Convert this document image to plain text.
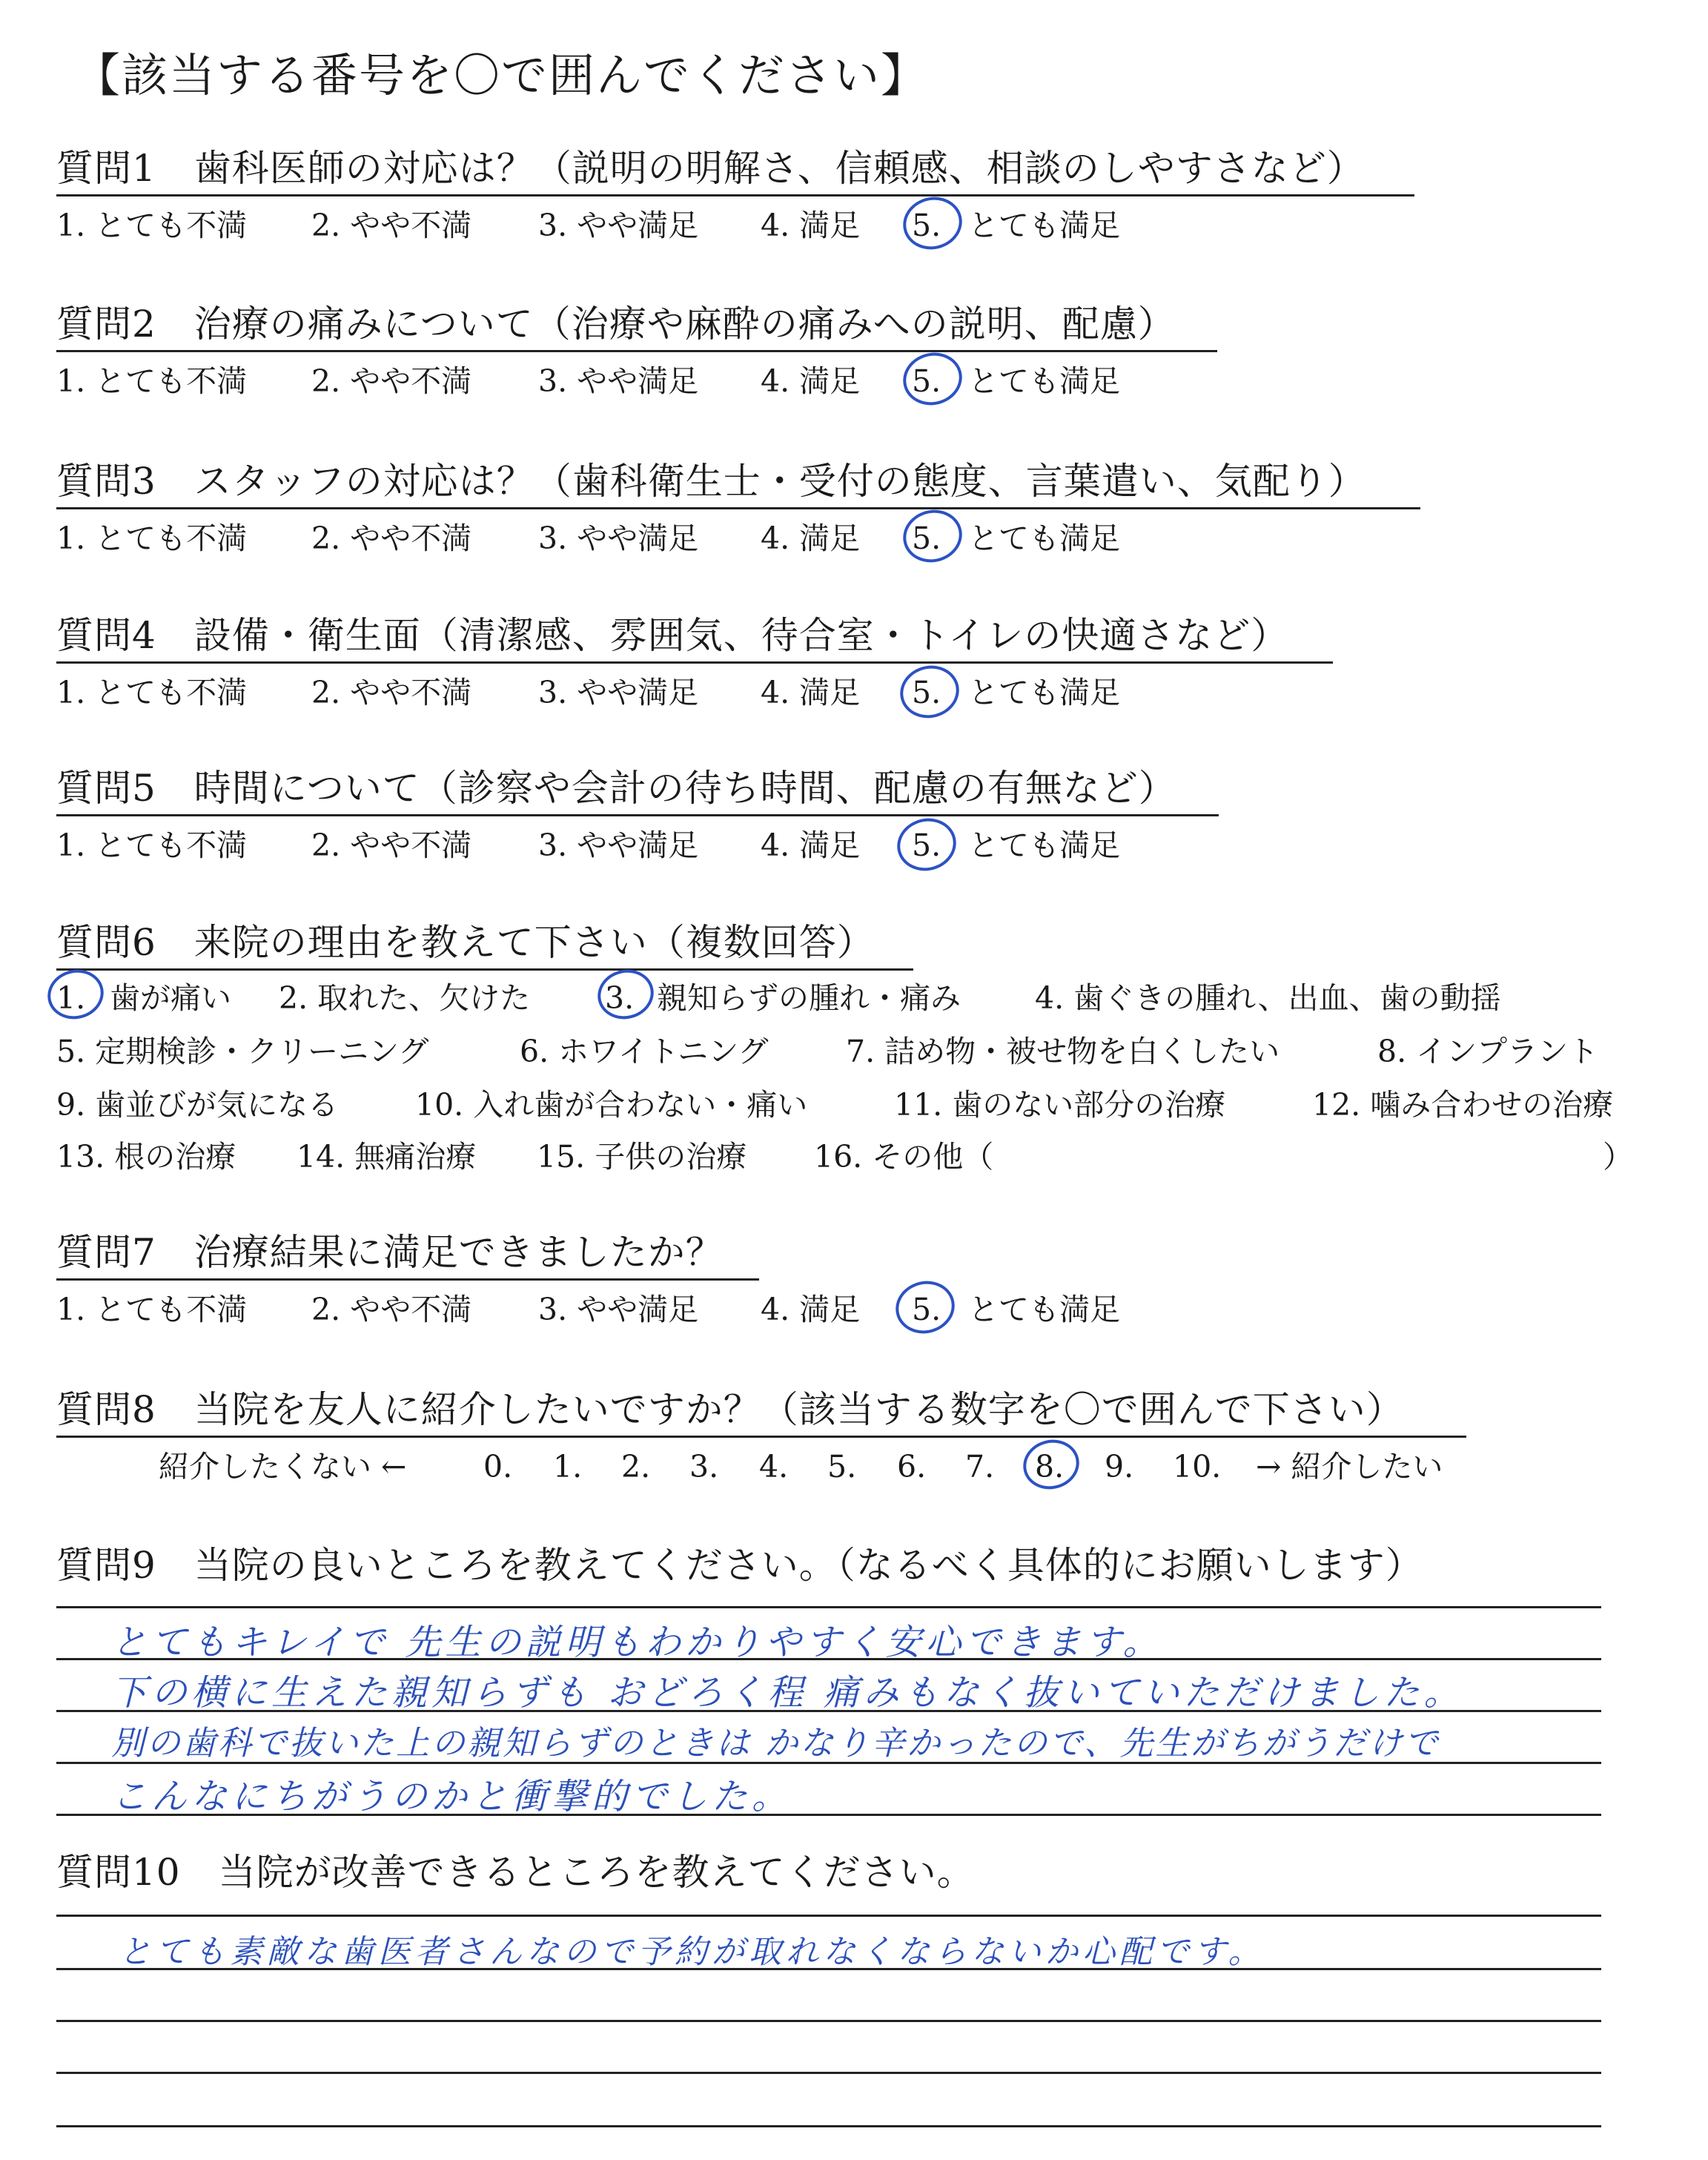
【該当する番号を〇で囲んでください】
質問1　歯科医師の対応は？（説明の明解さ、信頼感、相談のしやすさなど）
1. とても不満 2. やや不満 3. やや満足 4. 満足 5. とても満足
質問2　治療の痛みについて（治療や麻酔の痛みへの説明、配慮）
1. とても不満 2. やや不満 3. やや満足 4. 満足 5. とても満足
質問3　スタッフの対応は？（歯科衛生士・受付の態度、言葉遣い、気配り）
1. とても不満 2. やや不満 3. やや満足 4. 満足 5. とても満足
質問4　設備・衛生面（清潔感、雰囲気、待合室・トイレの快適さなど）
1. とても不満 2. やや不満 3. やや満足 4. 満足 5. とても満足
質問5　時間について（診察や会計の待ち時間、配慮の有無など）
1. とても不満 2. やや不満 3. やや満足 4. 満足 5. とても満足
質問6　来院の理由を教えて下さい（複数回答）
1. 歯が痛い 2. 取れた、欠けた 3. 親知らずの腫れ・痛み 4. 歯ぐきの腫れ、出血、歯の動揺
5. 定期検診・クリーニング	6. ホワイトニング	7. 詰め物・被せ物を白くしたい	8. インプラント
9. 歯並びが気になる	10. 入れ歯が合わない・痛い	11. 歯のない部分の治療	12. 噛み合わせの治療
13. 根の治療 14. 無痛治療 15. 子供の治療 16. その他（	）
質問7　治療結果に満足できましたか？
1. とても不満 2. やや不満 3. やや満足 4. 満足 5. とても満足
質問8　当院を友人に紹介したいですか？（該当する数字を〇で囲んで下さい）
紹介したくない ←	0. 1. 2. 3. 4. 5. 6. 7. 8. 9. 10. → 紹介したい
質問9　当院の良いところを教えてください。（なるべく具体的にお願いします）
とてもキレイで 先生の説明もわかりやすく安心できます。
下の横に生えた親知らずも おどろく程 痛みもなく抜いていただけました。
別の歯科で抜いた上の親知らずのときは かなり辛かったので、先生がちがうだけで
こんなにちがうのかと衝撃的でした。
質問10　当院が改善できるところを教えてください。
とても素敵な歯医者さんなので予約が取れなくならないか心配です。
